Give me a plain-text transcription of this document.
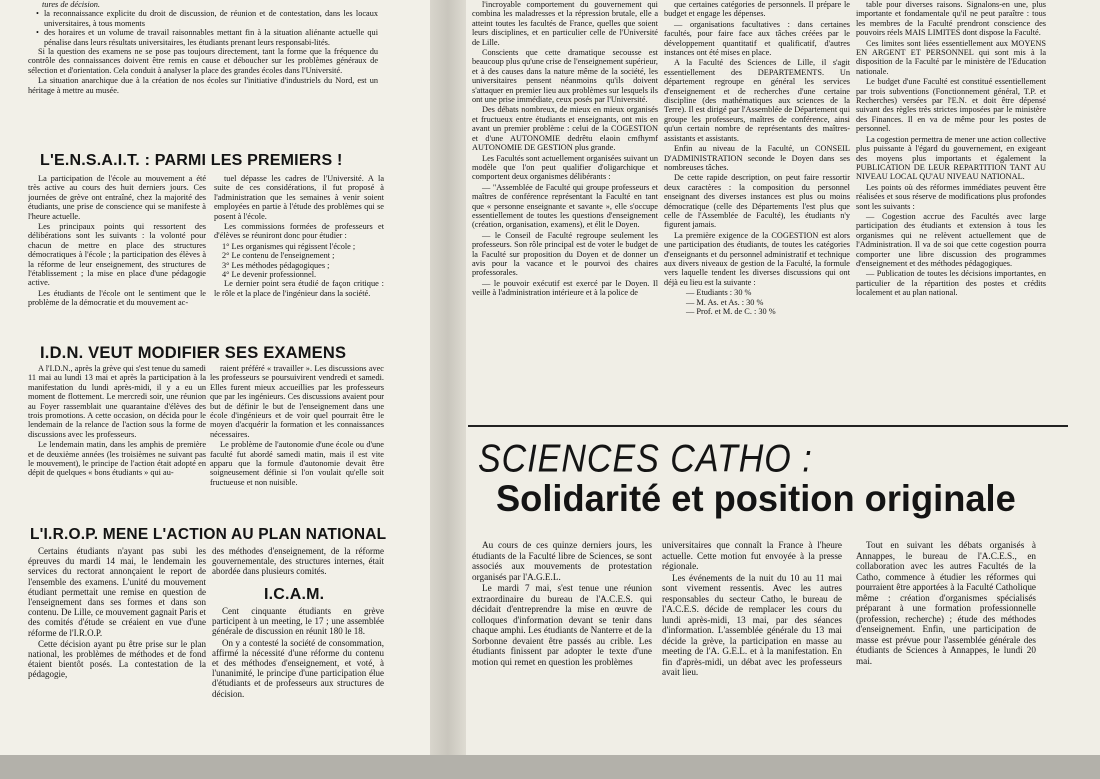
tures de décision.
• la reconnaissance explicite du droit de discussion, de réunion et de contestation, dans les locaux universitaires, à tous moments
• des horaires et un volume de travail raisonnables mettant fin à la situation aliénante actuelle qui pénalise dans leurs résultats universitaires, les étudiants prenant leurs responsabi-lités.

Si la question des examens ne se pose pas toujours directement, tant la forme que la fréquence du contrôle des connaissances doivent être remis en cause et déboucher sur les problèmes généraux de sélection et d'orientation. Cela conduit à analyser la place des grandes écoles dans l'Université.

La situation anarchique due à la création de nos écoles sur l'initiative d'industriels du Nord, est un héritage à mettre au musée.

L'E.N.S.A.I.T. : PARMI LES PREMIERS !

La participation de l'école au mouvement a été très active au cours des huit derniers jours. Ces journées de grève ont entraîné, chez la majorité des étudiants, une prise de conscience qui se manifeste à l'heure actuelle.

Les principaux points qui ressortent des délibérations sont les suivants : la volonté pour chacun de mettre en place des structures démocratiques à l'école ; la participation des élèves à la réforme de leur enseignement, des structures de l'établissement ; la mise en place d'une pédagogie active.

Les étudiants de l'école ont le sentiment que le problème de la démocratie et du mouvement ac-

tuel dépasse les cadres de l'Université. A la suite de ces considérations, il fut proposé à l'administration que les semaines à venir soient employées en partie à l'étude des problèmes qui se posent à l'école.

Les commissions formées de professeurs et d'élèves se réuniront donc pour étudier :

1° Les organismes qui régissent l'école ;
2° Le contenu de l'enseignement ;
3° Les méthodes pédagogiques ;
4° Le devenir professionnel.

Le dernier point sera étudié de façon critique : le rôle et la place de l'ingénieur dans la société.

I.D.N. VEUT MODIFIER SES EXAMENS

A l'I.D.N., après la grève qui s'est tenue du samedi 11 mai au lundi 13 mai et après la participation à la manifestation du lundi après-midi, il y a eu un moment de flottement. Le mercredi soir, une réunion au Foyer rassemblait une quarantaine d'élèves des trois promotions. A cette occasion, on décida pour le lendemain de la relance de l'action sous la forme de discussions avec les professeurs.

Le lendemain matin, dans les amphis de première et de deuxième années (les troisièmes ne suivant pas le mouvement), le principe de l'action était adopté en dépit de quelques « bons étudiants » qui au-

raient préféré « travailler ». Les discussions avec les professeurs se poursuivirent vendredi et samedi. Elles furent mieux accueillies par les professeurs que par les ingénieurs. Ces discussions avaient pour but de définir le but de l'enseignement dans une école d'ingénieurs et de voir quel pourrait être le moyen d'acquérir la formation et les connaissances nécessaires.

Le problème de l'autonomie d'une école ou d'une faculté fut abordé samedi matin, mais il est vite apparu que la formule d'autonomie devait être soigneusement définie si l'on voulait qu'elle soit fructueuse et non nuisible.

L'I.R.O.P. MENE L'ACTION AU PLAN NATIONAL

Certains étudiants n'ayant pas subi les épreuves du mardi 14 mai, le lendemain les services du rectorat annonçaient le report de l'ensemble des examens. L'unité du mouvement étudiant permettait une remise en question de l'enseignement dans ses formes et dans son contenu. De Lille, ce mouvement gagnait Paris et des comités d'étude se créaient en vue d'une réforme de l'I.R.O.P.

Cette décision ayant pu être prise sur le plan national, les problèmes de méthodes et de fond étaient bientôt posés. La contestation de la pédagogie,

des méthodes d'enseignement, de la réforme gouvernementale, des structures internes, était abordée dans plusieurs comités.

I.C.A.M.

Cent cinquante étudiants en grève participent à un meeting, le 17 ; une assemblée générale de discussion en réunit 180 le 18.

On y a contesté la société de consommation, affirmé la nécessité d'une réforme du contenu et des méthodes d'enseignement, et voté, à l'unanimité, le principe d'une participation élue d'étudiants et de professeurs aux structures de décision.

l'incroyable comportement du gouvernement qui combina les maladresses et la répression brutale, elle a atteint toutes les facultés de France, quelles que soient leurs disciplines, et en particulier celle de l'Université de Lille.

Conscients que cette dramatique secousse est beaucoup plus qu'une crise de l'enseignement supérieur, et à des causes dans la nature même de la société, les universitaires pensent néanmoins qu'ils doivent s'attaquer en premier lieu aux problèmes sur lesquels ils ont une prise immédiate, ceux posés par l'Université.

Des débats nombreux, de mieux en mieux organisés et fructueux entre étudiants et enseignants, ont mis en avant un premier problème : celui de la COGESTION et d'une AUTONOMIE dedrêtu elaoin cmfhymf AUTONOMIE DE GESTION plus grande.

Les Facultés sont actuellement organisées suivant un modèle que l'on peut qualifier d'oligarchique et comportent deux organismes délibérants :

— "Assemblée de Faculté qui groupe professeurs et maîtres de conférence représentant la Faculté en tant que « personne enseignante et savante », elle s'occupe essentiellement de toutes les questions d'enseignement (création, organisation, examens), et élit le Doyen.

— le Conseil de Faculté regroupe seulement les professeurs. Son rôle principal est de voter le budget de la Faculté sur proposition du Doyen et de donner un avis pour la vacance et le pourvoi des chaires professorales.

— le pouvoir exécutif est exercé par le Doyen. Il veille à l'administration intérieure et à la police de

que certaines catégories de personnels. Il prépare le budget et engage les dépenses.

— organisations facultatives : dans certaines facultés, pour faire face aux tâches créées par le développement quantitatif et qualificatif, d'autres instances ont été mises en place.

A la Faculté des Sciences de Lille, il s'agit essentiellement des DEPARTEMENTS. Un département regroupe en général les services d'enseignement et de recherches d'une certaine discipline (des mathématiques aux sciences de la Terre). Il est dirigé par l'Assemblée de Département qui groupe les professeurs, maîtres de conférence, ainsi qu'un certain nombre de représentants des maîtres-assistants et assistants.

Enfin au niveau de la Faculté, un CONSEIL D'ADMINISTRATION seconde le Doyen dans ses nombreuses tâches.

De cette rapide description, on peut faire ressortir deux caractères : la composition du personnel enseignant des diverses instances est plus ou moins démocratique (celle des Départements l'est plus que celle de l'Assemblée de Faculté), les étudiants n'y figurent jamais.

La première exigence de la COGESTION est alors une participation des étudiants, de toutes les catégories d'enseignants et du personnel administratif et technique aux divers niveaux de gestion de la Faculté, la formule vers laquelle tendent les diverses discussions qui ont déjà eu lieu est la suivante :

— Etudiants : 30 %
— M. As. et As. : 30 %
— Prof. et M. de C. : 30 %

table pour diverses raisons. Signalons-en une, plus importante et fondamentale qu'il ne peut paraître : tous les membres de la Faculté prendront conscience des pouvoirs réels MAIS LIMITES dont dispose la Faculté.

Ces limites sont liées essentiellement aux MOYENS EN ARGENT ET PERSONNEL qui sont mis à la disposition de la Faculté par le ministère de l'Education nationale.

Le budget d'une Faculté est constitué essentiellement par trois subventions (Fonctionnement général, T.P. et Recherches) versées par l'E.N. et doit être dépensé suivant des règles très strictes imposées par le ministère des Finances. Il en va de même pour les postes de personnel.

La cogestion permettra de mener une action collective plus puissante à l'égard du gouvernement, en exigeant des moyens plus importants et également la PUBLICATION DE LEUR REPARTITION TANT AU NIVEAU LOCAL QU'AU NIVEAU NATIONAL.

Les points où des réformes immédiates peuvent être réalisées et sous réserve de modifications plus profondes sont les suivants :

— Cogestion accrue des Facultés avec large participation des étudiants et extension à tous les organismes qui ne relèvent actuellement que de l'Administration. Il va de soi que cette cogestion pourra comporter une libre discussion des programmes d'enseignement et des méthodes pédagogiques.

— Publication de toutes les décisions importantes, en particulier de la répartition des postes et crédits localement et au plan national.

SCIENCES CATHO :
Solidarité et position originale

Au cours de ces quinze derniers jours, les étudiants de la Faculté libre de Sciences, se sont associés aux mouvements de protestation organisés par l'A.G.E.L.

Le mardi 7 mai, s'est tenue une réunion extraordinaire du bureau de l'A.C.E.S. qui décidait d'entreprendre la mise en œuvre de colloques d'information devant se tenir dans chaque amphi. Les étudiants de Nanterre et de la Sorbonne devaient être passés au crible. Les étudiants finissent par adopter le texte d'une motion qui remet en question les problèmes

universitaires que connaît la France à l'heure actuelle. Cette motion fut envoyée à la presse régionale.

Les événements de la nuit du 10 au 11 mai sont vivement ressentis. Avec les autres responsables du secteur Catho, le bureau de l'A.C.E.S. décide de remplacer les cours du lundi après-midi, 13 mai, par des séances d'information. L'assemblée générale du 13 mai décide la grève, la participation en masse au meeting de l'A. G.E.L. et à la manifestation. En fin d'après-midi, un débat avec les professeurs avait lieu.

Tout en suivant les débats organisés à Annappes, le bureau de l'A.C.E.S., en collaboration avec les autres Facultés de la Catho, commence à étudier les réformes qui pourraient être apportées à la Faculté Catholique même : création d'organismes spécialisés préparant à une formation professionnelle (profession, recherche) ; étude des méthodes d'enseignement. Enfin, une participation de masse est prévue pour l'assemblée générale des étudiants de Sciences à Annappes, le lundi 20 mai.
